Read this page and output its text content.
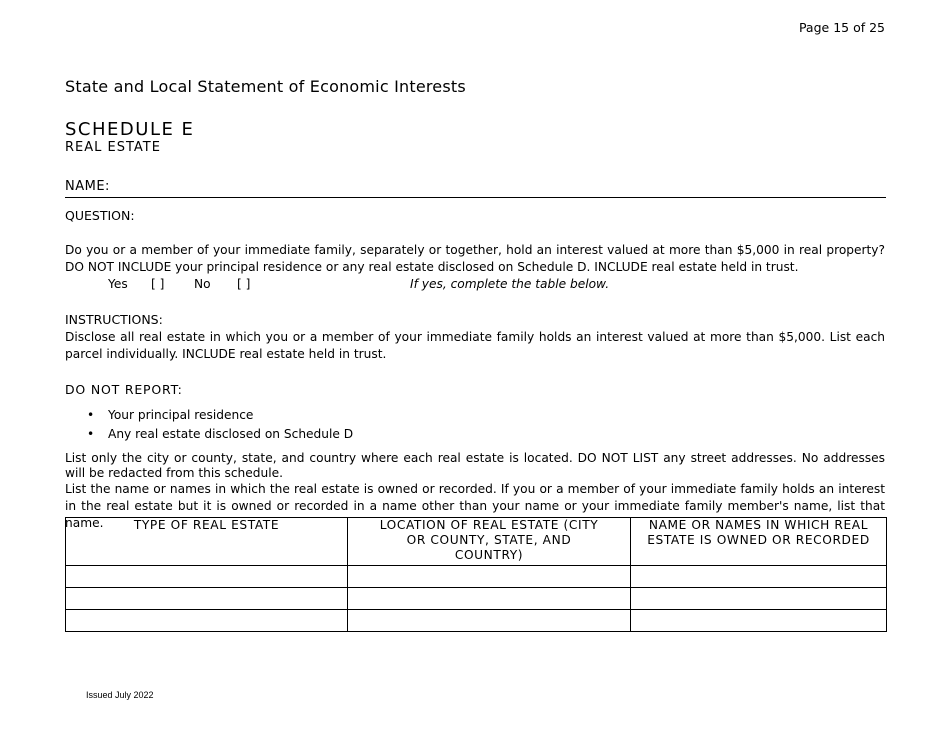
Page 15 of 25
State and Local Statement of Economic Interests
SCHEDULE E
REAL ESTATE
NAME:
QUESTION:
Do you or a member of your immediate family, separately or together, hold an interest valued at more than $5,000 in real property? DO NOT INCLUDE your principal residence or any real estate disclosed on Schedule D. INCLUDE real estate held in trust.
Yes [ ] No [ ]	If yes, complete the table below.
INSTRUCTIONS:
Disclose all real estate in which you or a member of your immediate family holds an interest valued at more than $5,000. List each parcel individually. INCLUDE real estate held in trust.
DO NOT REPORT:
• Your principal residence
• Any real estate disclosed on Schedule D
List only the city or county, state, and country where each real estate is located. DO NOT LIST any street addresses. No addresses will be redacted from this schedule.
List the name or names in which the real estate is owned or recorded. If you or a member of your immediate family holds an interest in the real estate but it is owned or recorded in a name other than your name or your immediate family member's name, list that name.	TYPE OF REAL ESTATE	LOCATION OF REAL ESTATE (CITY OR COUNTY, STATE, AND COUNTRY)	NAME OR NAMES IN WHICH REAL ESTATE IS OWNED OR RECORDED

Issued July 2022
